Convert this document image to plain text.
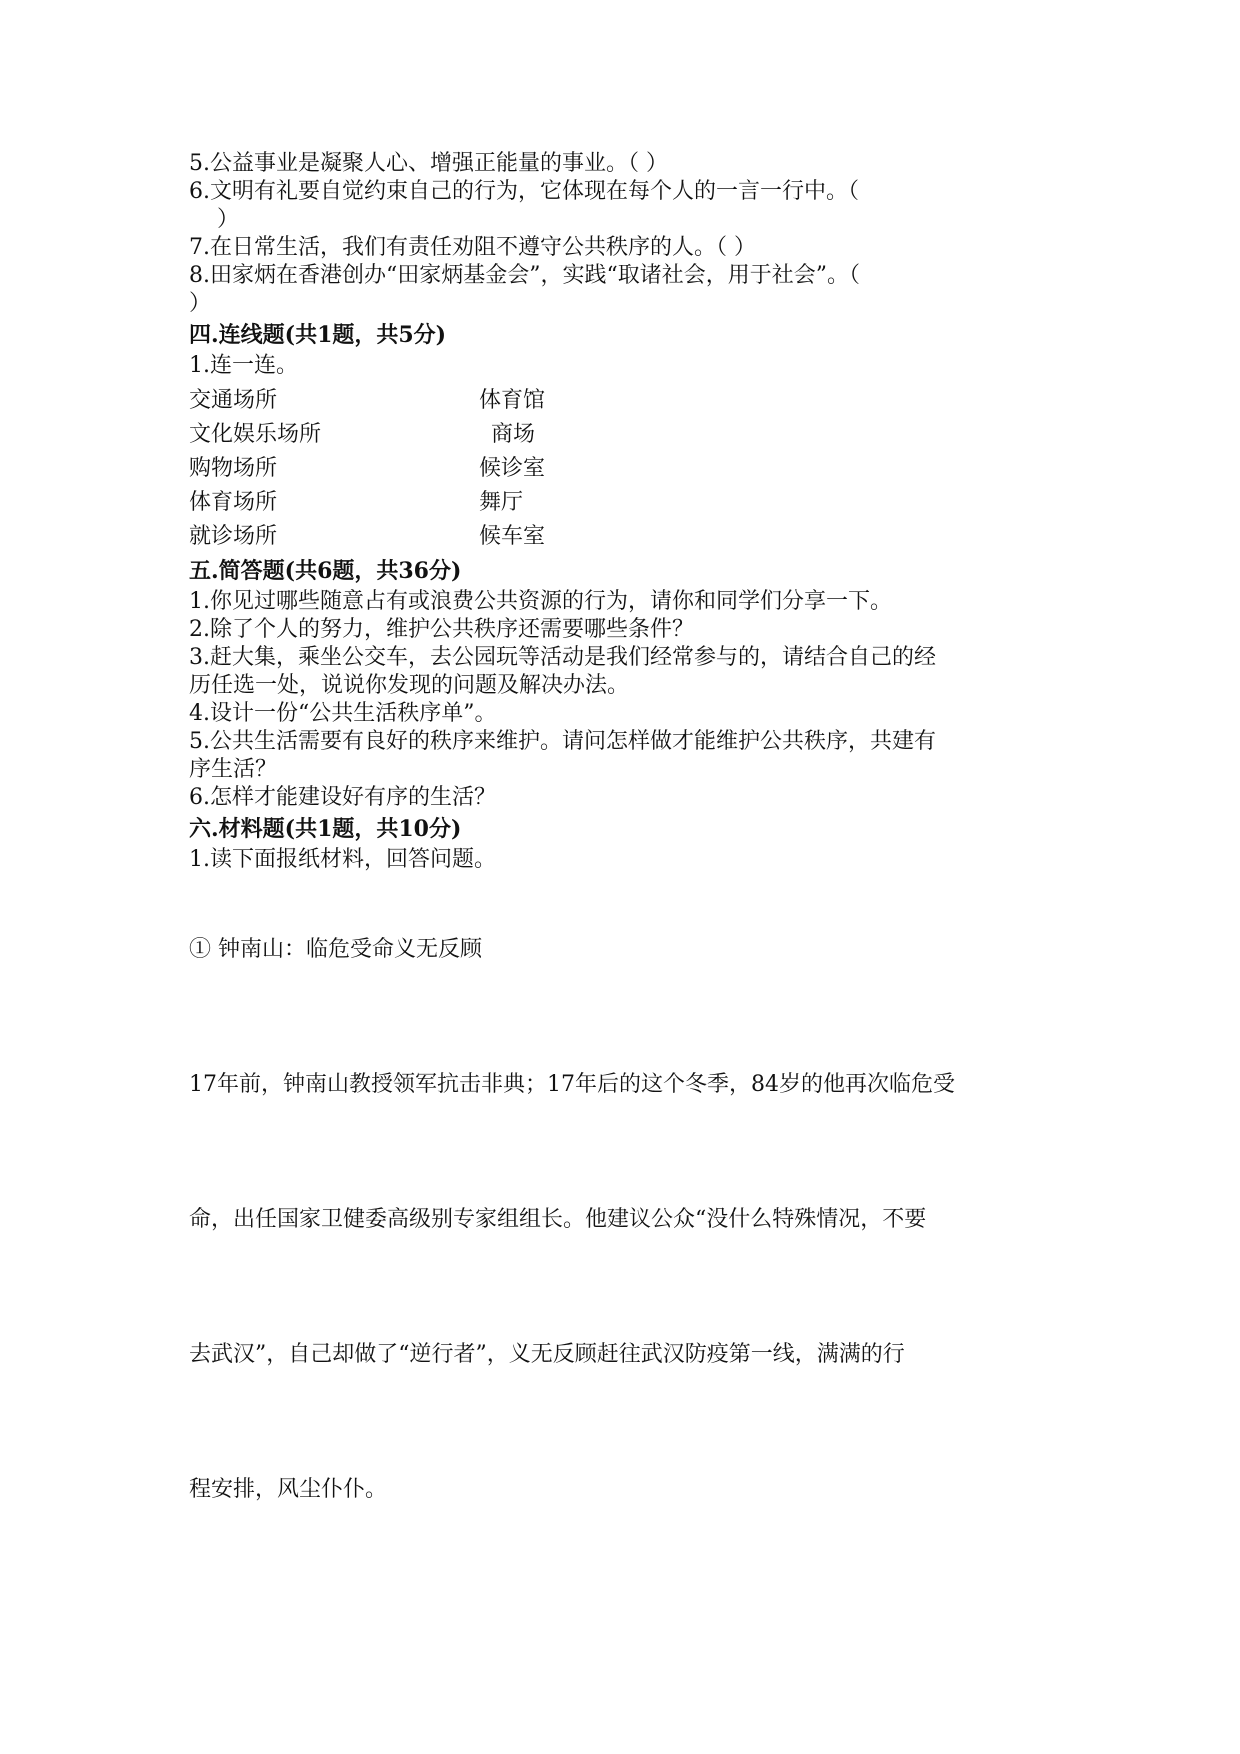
5.公益事业是凝聚人心、增强正能量的事业。（ ）
6.文明有礼要自觉约束自己的行为，它体现在每个人的一言一行中。（
）
7.在日常生活，我们有责任劝阻不遵守公共秩序的人。（ ）
8.田家炳在香港创办“田家炳基金会”，实践“取诸社会，用于社会”。（
）
四.连线题(共1题，共5分)
1.连一连。
交通场所	体育馆
文化娱乐场所	商场
购物场所	候诊室
体育场所	舞厅
就诊场所	候车室
五.简答题(共6题，共36分)
1.你见过哪些随意占有或浪费公共资源的行为，请你和同学们分享一下。
2.除了个人的努力，维护公共秩序还需要哪些条件？
3.赶大集，乘坐公交车，去公园玩等活动是我们经常参与的，请结合自己的经
历任选一处，说说你发现的问题及解决办法。
4.设计一份“公共生活秩序单”。
5.公共生活需要有良好的秩序来维护。请问怎样做才能维护公共秩序，共建有
序生活？
6.怎样才能建设好有序的生活？
六.材料题(共1题，共10分)
1.读下面报纸材料，回答问题。
① 钟南山：临危受命义无反顾
17年前，钟南山教授领军抗击非典；17年后的这个冬季，84岁的他再次临危受
命，出任国家卫健委高级别专家组组长。他建议公众“没什么特殊情况，不要
去武汉”，自己却做了“逆行者”，义无反顾赶往武汉防疫第一线，满满的行
程安排，风尘仆仆。
